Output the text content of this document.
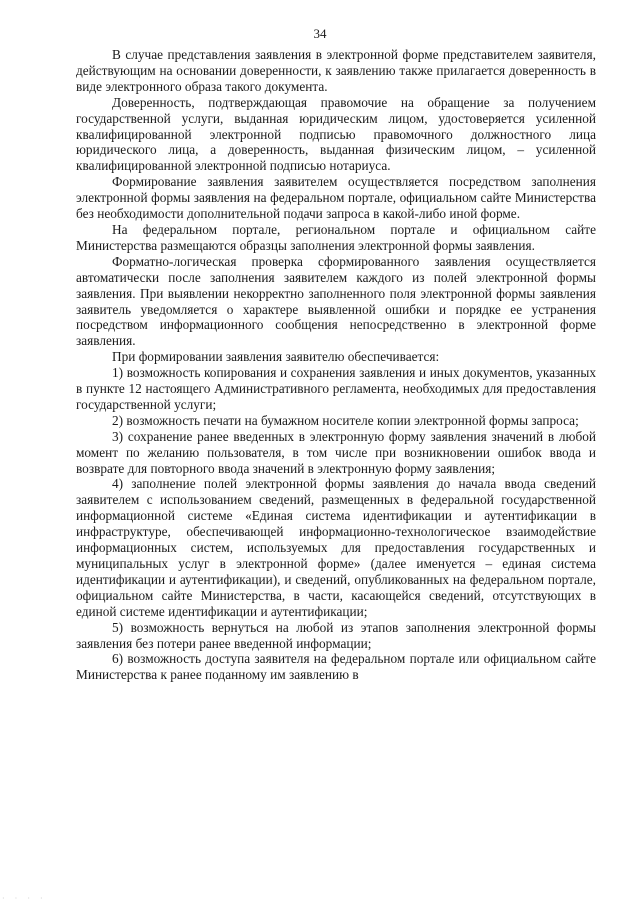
34

В случае представления заявления в электронной форме представителем заявителя, действующим на основании доверенности, к заявлению также прилагается доверенность в виде электронного образа такого документа.

Доверенность, подтверждающая правомочие на обращение за получением государственной услуги, выданная юридическим лицом, удостоверяется усиленной квалифицированной электронной подписью правомочного должностного лица юридического лица, а доверенность, выданная физическим лицом, – усиленной квалифицированной электронной подписью нотариуса.

Формирование заявления заявителем осуществляется посредством заполнения электронной формы заявления на федеральном портале, официальном сайте Министерства без необходимости дополнительной подачи запроса в какой-либо иной форме.

На федеральном портале, региональном портале и официальном сайте Министерства размещаются образцы заполнения электронной формы заявления.

Форматно-логическая проверка сформированного заявления осуществляется автоматически после заполнения заявителем каждого из полей электронной формы заявления. При выявлении некорректно заполненного поля электронной формы заявления заявитель уведомляется о характере выявленной ошибки и порядке ее устранения посредством информационного сообщения непосредственно в электронной форме заявления.

При формировании заявления заявителю обеспечивается:

1) возможность копирования и сохранения заявления и иных документов, указанных в пункте 12 настоящего Административного регламента, необходимых для предоставления государственной услуги;

2) возможность печати на бумажном носителе копии электронной формы запроса;

3) сохранение ранее введенных в электронную форму заявления значений в любой момент по желанию пользователя, в том числе при возникновении ошибок ввода и возврате для повторного ввода значений в электронную форму заявления;

4) заполнение полей электронной формы заявления до начала ввода сведений заявителем с использованием сведений, размещенных в федеральной государственной информационной системе «Единая система идентификации и аутентификации в инфраструктуре, обеспечивающей информационно-технологическое взаимодействие информационных систем, используемых для предоставления государственных и муниципальных услуг в электронной форме» (далее именуется – единая система идентификации и аутентификации), и сведений, опубликованных на федеральном портале, официальном сайте Министерства, в части, касающейся сведений, отсутствующих в единой системе идентификации и аутентификации;

5) возможность вернуться на любой из этапов заполнения электронной формы заявления без потери ранее введенной информации;

6) возможность доступа заявителя на федеральном портале или официальном сайте Министерства к ранее поданному им заявлению в

· · · ·
